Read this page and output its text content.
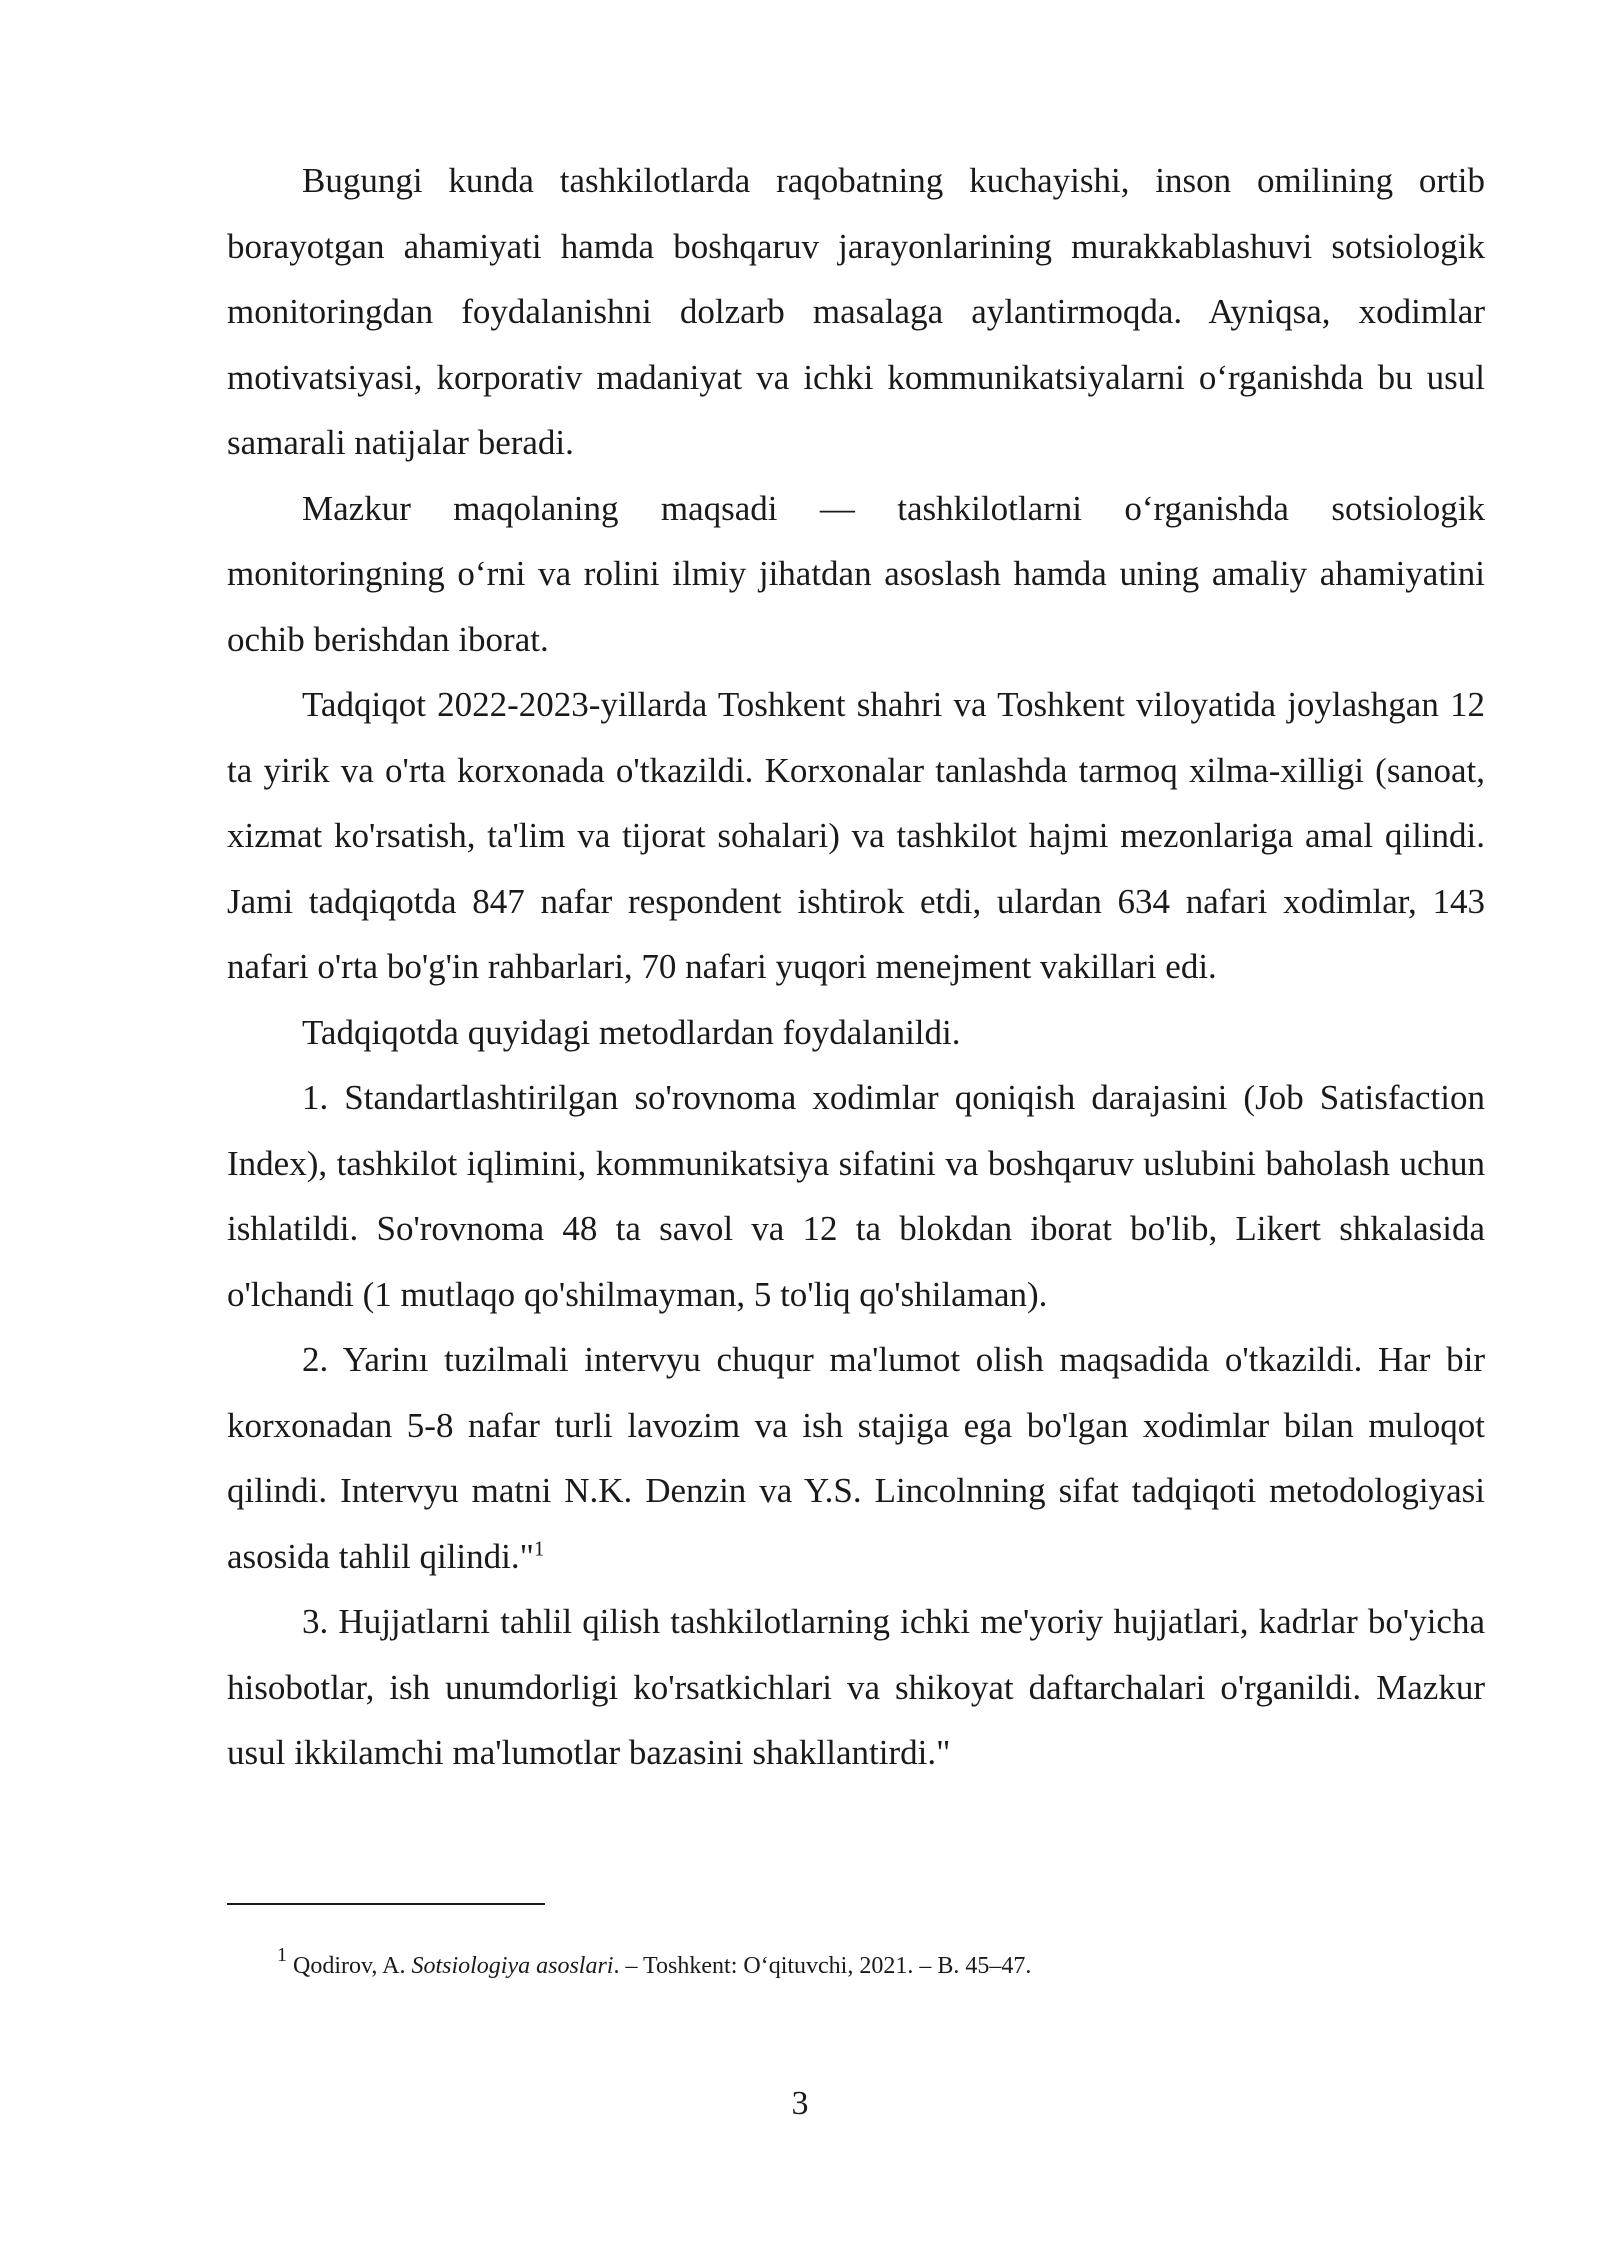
Bugungi kunda tashkilotlarda raqobatning kuchayishi, inson omilining ortib borayotgan ahamiyati hamda boshqaruv jarayonlarining murakkablashuvi sotsiologik monitoringdan foydalanishni dolzarb masalaga aylantirmoqda. Ayniqsa, xodimlar motivatsiyasi, korporativ madaniyat va ichki kommunikatsiyalarni o‘rganishda bu usul samarali natijalar beradi.

Mazkur maqolaning maqsadi — tashkilotlarni o‘rganishda sotsiologik monitoringning o‘rni va rolini ilmiy jihatdan asoslash hamda uning amaliy ahamiyatini ochib berishdan iborat.

Tadqiqot 2022-2023-yillarda Toshkent shahri va Toshkent viloyatida joylashgan 12 ta yirik va o'rta korxonada o'tkazildi. Korxonalar tanlashda tarmoq xilma-xilligi (sanoat, xizmat ko'rsatish, ta'lim va tijorat sohalari) va tashkilot hajmi mezonlariga amal qilindi. Jami tadqiqotda 847 nafar respondent ishtirok etdi, ulardan 634 nafari xodimlar, 143 nafari o'rta bo'g'in rahbarlari, 70 nafari yuqori menejment vakillari edi.

Tadqiqotda quyidagi metodlardan foydalanildi.

1. Standartlashtirilgan so'rovnoma xodimlar qoniqish darajasini (Job Satisfaction Index), tashkilot iqlimini, kommunikatsiya sifatini va boshqaruv uslubini baholash uchun ishlatildi. So'rovnoma 48 ta savol va 12 ta blokdan iborat bo'lib, Likert shkalasida o'lchandi (1 mutlaqo qo'shilmayman, 5 to'liq qo'shilaman).

2. Yarinı tuzilmali intervyu chuqur ma'lumot olish maqsadida o'tkazildi. Har bir korxonadan 5-8 nafar turli lavozim va ish stajiga ega bo'lgan xodimlar bilan muloqot qilindi. Intervyu matni N.K. Denzin va Y.S. Lincolnning sifat tadqiqoti metodologiyasi asosida tahlil qilindi."$^1$

3. Hujjatlarni tahlil qilish tashkilotlarning ichki me'yoriy hujjatlari, kadrlar bo'yicha hisobotlar, ish unumdorligi ko'rsatkichlari va shikoyat daftarchalari o'rganildi. Mazkur usul ikkilamchi ma'lumotlar bazasini shakllantirdi."

$^1$ Qodirov, A. Sotsiologiya asoslari. – Toshkent: O‘qituvchi, 2021. – B. 45–47.

3
